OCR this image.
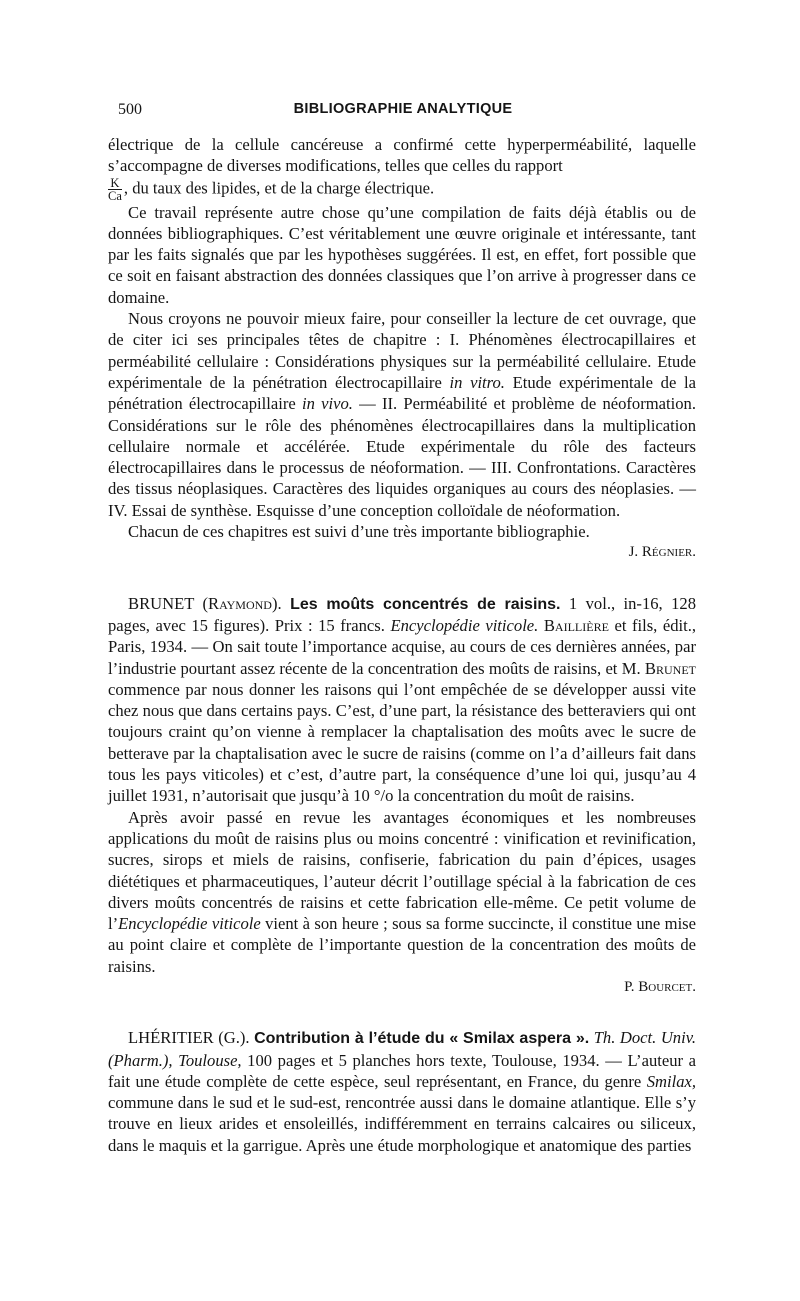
500	BIBLIOGRAPHIE ANALYTIQUE

électrique de la cellule cancéreuse a confirmé cette hyperperméabilité, laquelle s’accompagne de diverses modifications, telles que celles du rapport

$\frac{K}{Ca}$ , du taux des lipides, et de la charge électrique.

Ce travail représente autre chose qu’une compilation de faits déjà établis ou de données bibliographiques. C’est véritablement une œuvre originale et intéressante, tant par les faits signalés que par les hypothèses suggérées. Il est, en effet, fort possible que ce soit en faisant abstraction des données classiques que l’on arrive à progresser dans ce domaine.

Nous croyons ne pouvoir mieux faire, pour conseiller la lecture de cet ouvrage, que de citer ici ses principales têtes de chapitre : I. Phénomènes électrocapillaires et perméabilité cellulaire : Considérations physiques sur la perméabilité cellulaire. Etude expérimentale de la pénétration électrocapillaire in vitro. Etude expérimentale de la pénétration électrocapillaire in vivo. — II. Perméabilité et problème de néoformation. Considérations sur le rôle des phénomènes électrocapillaires dans la multiplication cellulaire normale et accélérée. Etude expérimentale du rôle des facteurs électrocapillaires dans le processus de néoformation. — III. Confrontations. Caractères des tissus néoplasiques. Caractères des liquides organiques au cours des néoplasies. — IV. Essai de synthèse. Esquisse d’une conception colloïdale de néoformation.

Chacun de ces chapitres est suivi d’une très importante bibliographie.

J. Régnier.

BRUNET (Raymond). Les moûts concentrés de raisins. 1 vol., in-16, 128 pages, avec 15 figures). Prix : 15 francs. Encyclopédie viticole. Baillière et fils, édit., Paris, 1934. — On sait toute l’importance acquise, au cours de ces dernières années, par l’industrie pourtant assez récente de la concentration des moûts de raisins, et M. Brunet commence par nous donner les raisons qui l’ont empêchée de se développer aussi vite chez nous que dans certains pays. C’est, d’une part, la résistance des betteraviers qui ont toujours craint qu’on vienne à remplacer la chaptalisation des moûts avec le sucre de betterave par la chaptalisation avec le sucre de raisins (comme on l’a d’ailleurs fait dans tous les pays viticoles) et c’est, d’autre part, la conséquence d’une loi qui, jusqu’au 4 juillet 1931, n’autorisait que jusqu’à 10 °/o la concentration du moût de raisins.

Après avoir passé en revue les avantages économiques et les nombreuses applications du moût de raisins plus ou moins concentré : vinification et revinification, sucres, sirops et miels de raisins, confiserie, fabrication du pain d’épices, usages diététiques et pharmaceutiques, l’auteur décrit l’outillage spécial à la fabrication de ces divers moûts concentrés de raisins et cette fabrication elle-même. Ce petit volume de l’Encyclopédie viticole vient à son heure ; sous sa forme succincte, il constitue une mise au point claire et complète de l’importante question de la concentration des moûts de raisins.

P. Bourcet.

LHÉRITIER (G.). Contribution à l’étude du « Smilax aspera ». Th. Doct. Univ. (Pharm.), Toulouse, 100 pages et 5 planches hors texte, Toulouse, 1934. — L’auteur a fait une étude complète de cette espèce, seul représentant, en France, du genre Smilax, commune dans le sud et le sud-est, rencontrée aussi dans le domaine atlantique. Elle s’y trouve en lieux arides et ensoleillés, indifféremment en terrains calcaires ou siliceux, dans le maquis et la garrigue. Après une étude morphologique et anatomique des parties
